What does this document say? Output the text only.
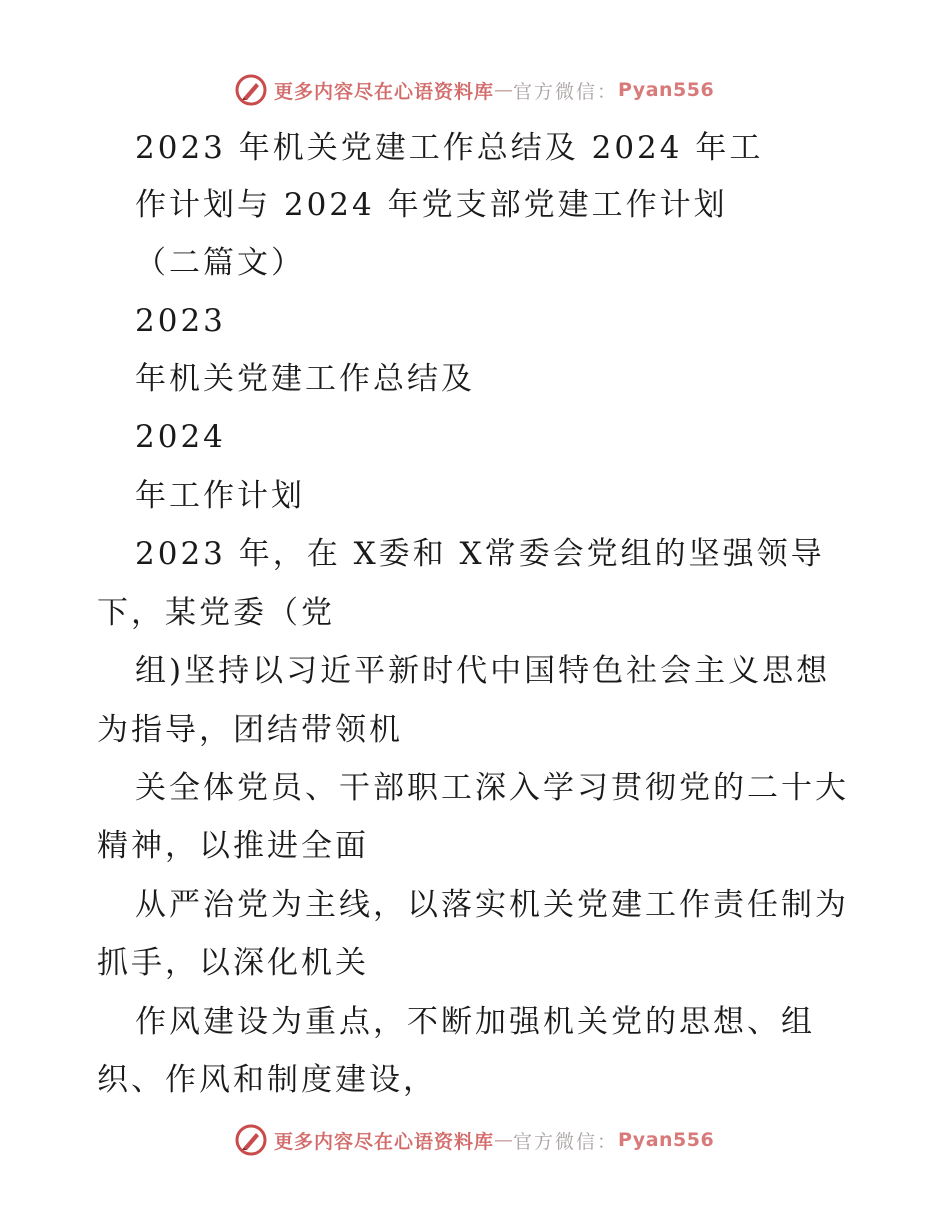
更多内容尽在心语资料库 — 官方微信： Pyan556
2023 年机关党建工作总结及 2024 年工
作计划与 2024 年党支部党建工作计划
（二篇文）
2023
年机关党建工作总结及
2024
年工作计划
2023 年，在 X委和 X常委会党组的坚强领导
下，某党委（党
组)坚持以习近平新时代中国特色社会主义思想
为指导，团结带领机
关全体党员、干部职工深入学习贯彻党的二十大
精神，以推进全面
从严治党为主线，以落实机关党建工作责任制为
抓手，以深化机关
作风建设为重点，不断加强机关党的思想、组
织、作风和制度建设，
更多内容尽在心语资料库 — 官方微信： Pyan556
